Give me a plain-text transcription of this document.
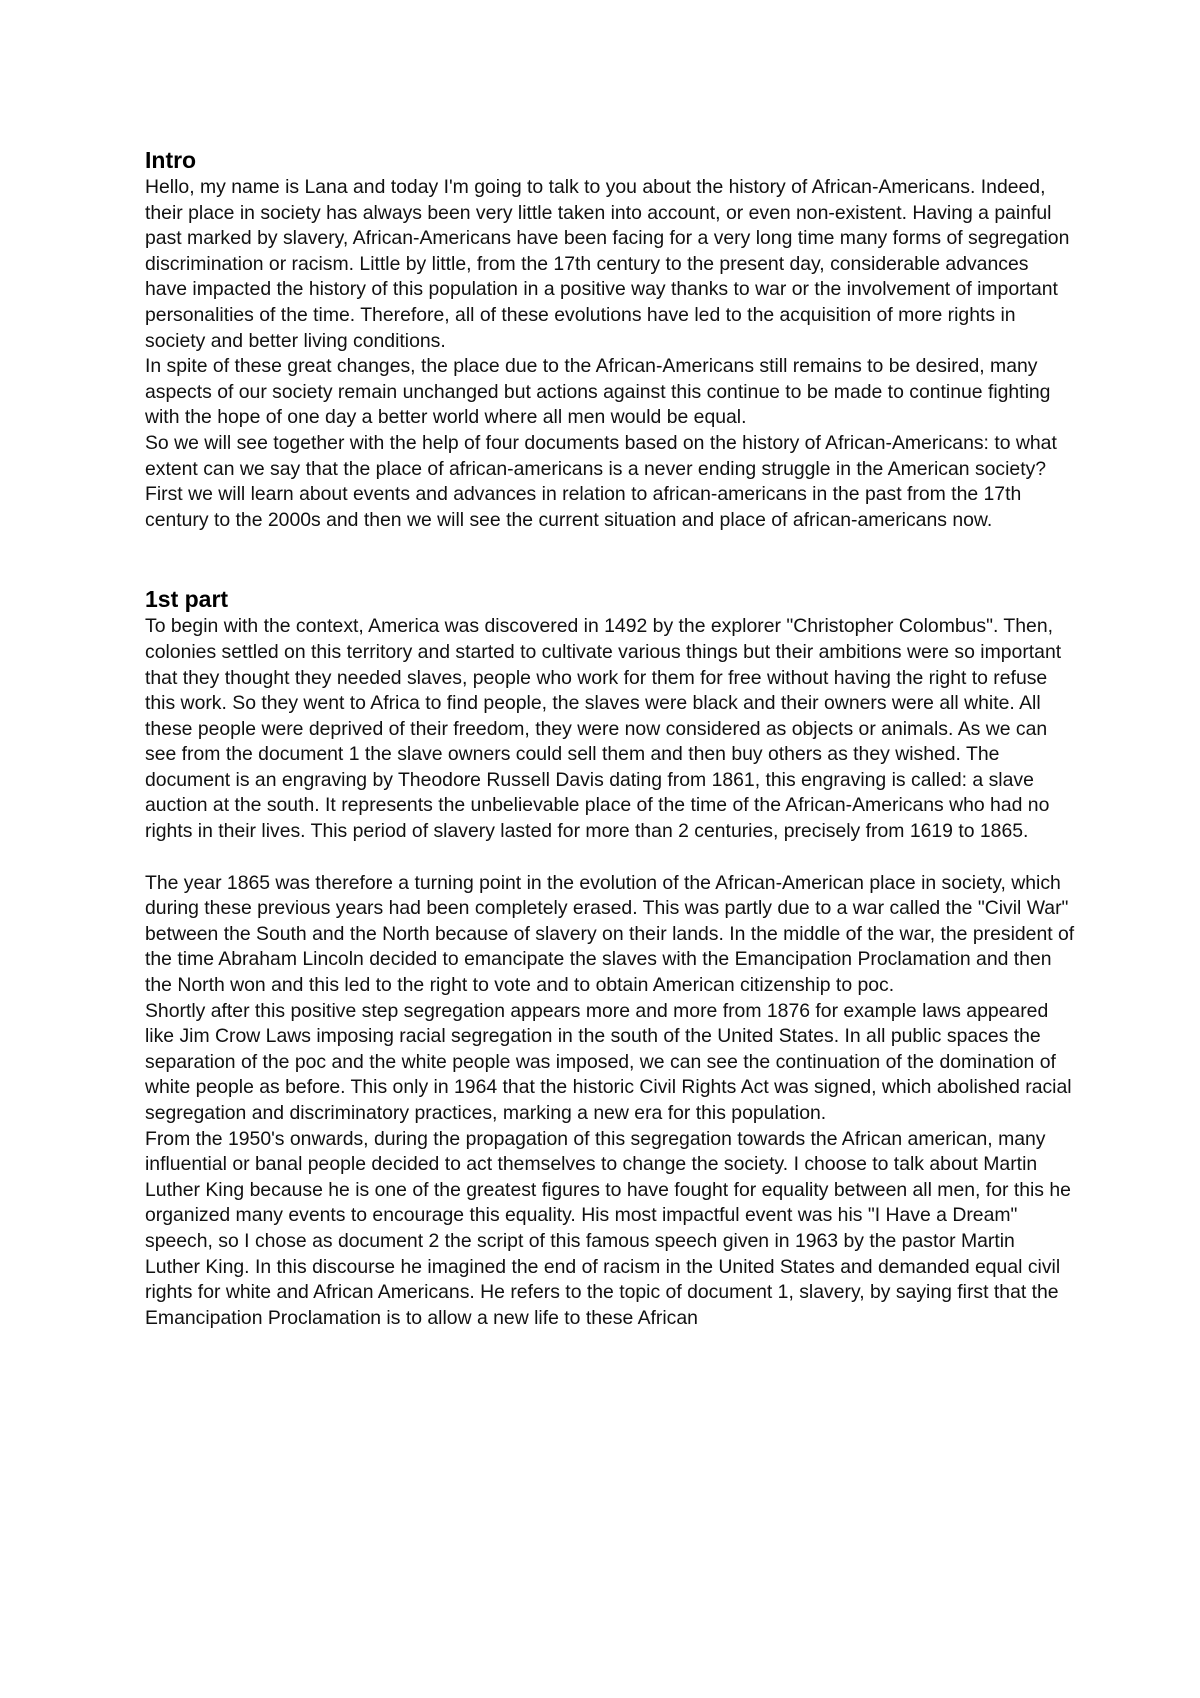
Intro

Hello, my name is Lana and today I'm going to talk to you about the history of African-Americans. Indeed, their place in society has always been very little taken into account, or even non-existent. Having a painful past marked by slavery, African-Americans have been facing for a very long time many forms of segregation discrimination or racism. Little by little, from the 17th century to the present day, considerable advances have impacted the history of this population in a positive way thanks to war or the involvement of important personalities of the time. Therefore, all of these evolutions have led to the acquisition of more rights in society and better living conditions.

In spite of these great changes, the place due to the African-Americans still remains to be desired, many aspects of our society remain unchanged but actions against this continue to be made to continue fighting with the hope of one day a better world where all men would be equal.

So we will see together with the help of four documents based on the history of African-Americans: to what extent can we say that the place of african-americans is a never ending struggle in the American society? First we will learn about events and advances in relation to african-americans in the past from the 17th century to the 2000s and then we will see the current situation and place of african-americans now.

1st part

To begin with the context, America was discovered in 1492 by the explorer "Christopher Colombus". Then, colonies settled on this territory and started to cultivate various things but their ambitions were so important that they thought they needed slaves, people who work for them for free without having the right to refuse this work. So they went to Africa to find people, the slaves were black and their owners were all white. All these people were deprived of their freedom, they were now considered as objects or animals. As we can see from the document 1 the slave owners could sell them and then buy others as they wished. The document is an engraving by Theodore Russell Davis dating from 1861, this engraving is called: a slave auction at the south. It represents the unbelievable place of the time of the African-Americans who had no rights in their lives. This period of slavery lasted for more than 2 centuries, precisely from 1619 to 1865.

The year 1865 was therefore a turning point in the evolution of the African-American place in society, which during these previous years had been completely erased. This was partly due to a war called the "Civil War" between the South and the North because of slavery on their lands. In the middle of the war, the president of the time Abraham Lincoln decided to emancipate the slaves with the Emancipation Proclamation and then the North won and this led to the right to vote and to obtain American citizenship to poc.

Shortly after this positive step segregation appears more and more from 1876 for example laws appeared like Jim Crow Laws imposing racial segregation in the south of the United States. In all public spaces the separation of the poc and the white people was imposed, we can see the continuation of the domination of white people as before. This only in 1964 that the historic Civil Rights Act was signed, which abolished racial segregation and discriminatory practices, marking a new era for this population.

From the 1950's onwards, during the propagation of this segregation towards the African american, many influential or banal people decided to act themselves to change the society. I choose to talk about Martin Luther King because he is one of the greatest figures to have fought for equality between all men, for this he organized many events to encourage this equality. His most impactful event was his "I Have a Dream" speech, so I chose as document 2 the script of this famous speech given in 1963 by the pastor Martin Luther King. In this discourse he imagined the end of racism in the United States and demanded equal civil rights for white and African Americans. He refers to the topic of document 1, slavery, by saying first that the Emancipation Proclamation is to allow a new life to these African
